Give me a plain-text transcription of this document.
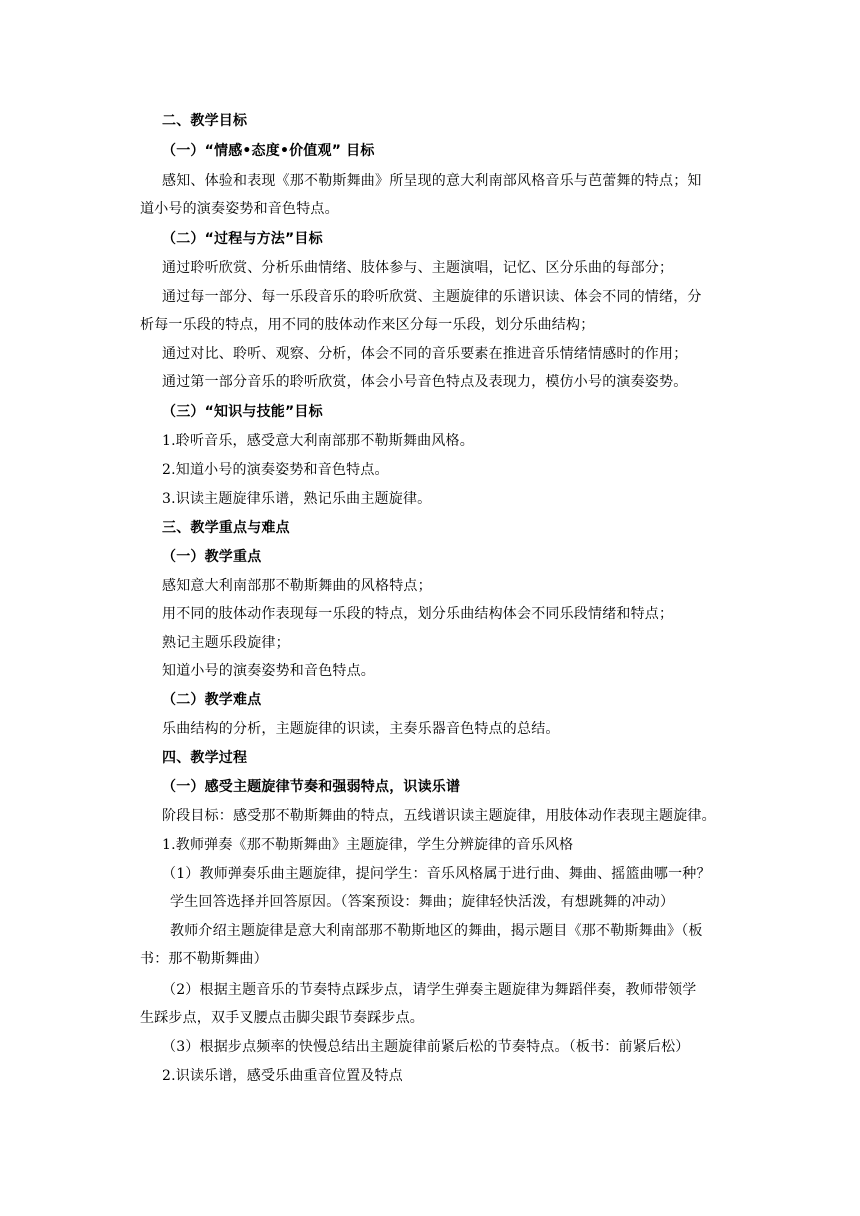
二、教学目标
（一）“情感•态度•价值观” 目标
感知、体验和表现《那不勒斯舞曲》所呈现的意大利南部风格音乐与芭蕾舞的特点；知
道小号的演奏姿势和音色特点。
（二）“过程与方法”目标
通过聆听欣赏、分析乐曲情绪、肢体参与、主题演唱，记忆、区分乐曲的每部分；
通过每一部分、每一乐段音乐的聆听欣赏、主题旋律的乐谱识读、体会不同的情绪，分
析每一乐段的特点，用不同的肢体动作来区分每一乐段，划分乐曲结构；
通过对比、聆听、观察、分析，体会不同的音乐要素在推进音乐情绪情感时的作用；
通过第一部分音乐的聆听欣赏，体会小号音色特点及表现力，模仿小号的演奏姿势。
（三）“知识与技能”目标
1.聆听音乐，感受意大利南部那不勒斯舞曲风格。
2.知道小号的演奏姿势和音色特点。
3.识读主题旋律乐谱，熟记乐曲主题旋律。
三、教学重点与难点
（一）教学重点
感知意大利南部那不勒斯舞曲的风格特点；
用不同的肢体动作表现每一乐段的特点，划分乐曲结构体会不同乐段情绪和特点；
熟记主题乐段旋律；
知道小号的演奏姿势和音色特点。
（二）教学难点
乐曲结构的分析，主题旋律的识读，主奏乐器音色特点的总结。
四、教学过程
（一）感受主题旋律节奏和强弱特点，识读乐谱
阶段目标：感受那不勒斯舞曲的特点，五线谱识读主题旋律，用肢体动作表现主题旋律。
1.教师弹奏《那不勒斯舞曲》主题旋律，学生分辨旋律的音乐风格
（1）教师弹奏乐曲主题旋律，提问学生：音乐风格属于进行曲、舞曲、摇篮曲哪一种？
学生回答选择并回答原因。（答案预设：舞曲；旋律轻快活泼，有想跳舞的冲动）
教师介绍主题旋律是意大利南部那不勒斯地区的舞曲，揭示题目《那不勒斯舞曲》（板
书：那不勒斯舞曲）
（2）根据主题音乐的节奏特点踩步点，请学生弹奏主题旋律为舞蹈伴奏，教师带领学
生踩步点，双手叉腰点击脚尖跟节奏踩步点。
（3）根据步点频率的快慢总结出主题旋律前紧后松的节奏特点。（板书：前紧后松）
2.识读乐谱，感受乐曲重音位置及特点
